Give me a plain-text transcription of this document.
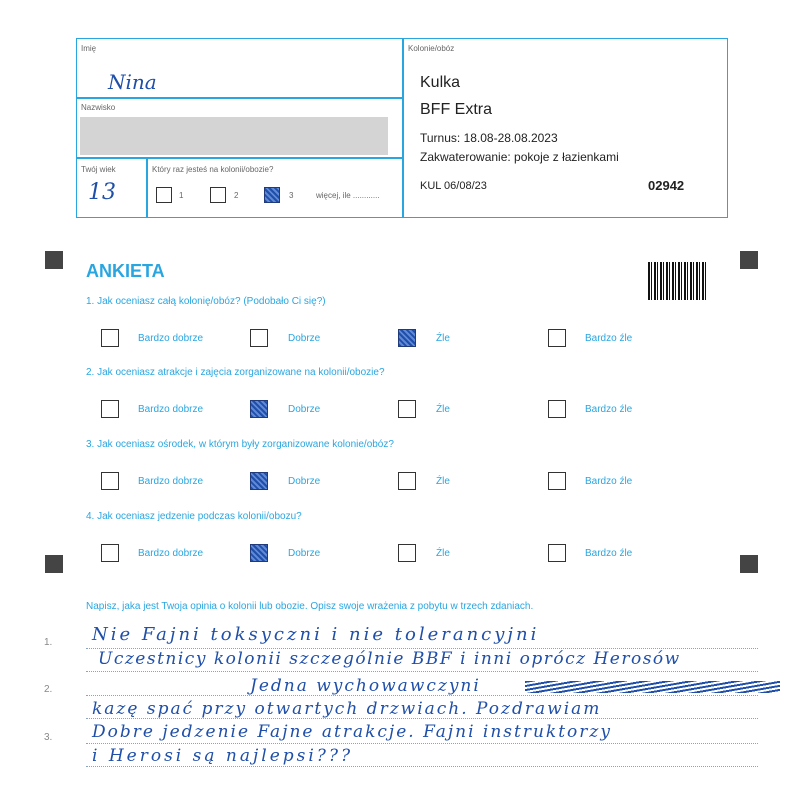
Imię
Nina
Nazwisko
Twój wiek
13
Który raz jesteś na kolonii/obozie?
1	2	3	więcej, ile ............
Kolonie/obóz
Kulka
BFF Extra
Turnus: 18.08-28.08.2023
Zakwaterowanie: pokoje z łazienkami
KUL 06/08/23	02942
ANKIETA
1. Jak oceniasz całą kolonię/obóz? (Podobało Ci się?)
Bardzo dobrze	Dobrze	Źle	Bardzo źle
2. Jak oceniasz atrakcje i zajęcia zorganizowane na kolonii/obozie?
Bardzo dobrze	Dobrze	Źle	Bardzo źle
3. Jak oceniasz ośrodek, w którym były zorganizowane kolonie/obóz?
Bardzo dobrze	Dobrze	Źle	Bardzo źle
4. Jak oceniasz jedzenie podczas kolonii/obozu?
Bardzo dobrze	Dobrze	Źle	Bardzo źle
Napisz, jaka jest Twoja opinia o kolonii lub obozie. Opisz swoje wrażenia z pobytu w trzech zdaniach.
1.
2.
3.
Nie Fajni toksyczni i nie tolerancyjni
Uczestnicy kolonii szczególnie BBF i inni oprócz Herosów
Jedna wychowawczyni
kazę spać przy otwartych drzwiach. Pozdrawiam
Dobre jedzenie Fajne atrakcje. Fajni instruktorzy
i Herosi są najlepsi???
